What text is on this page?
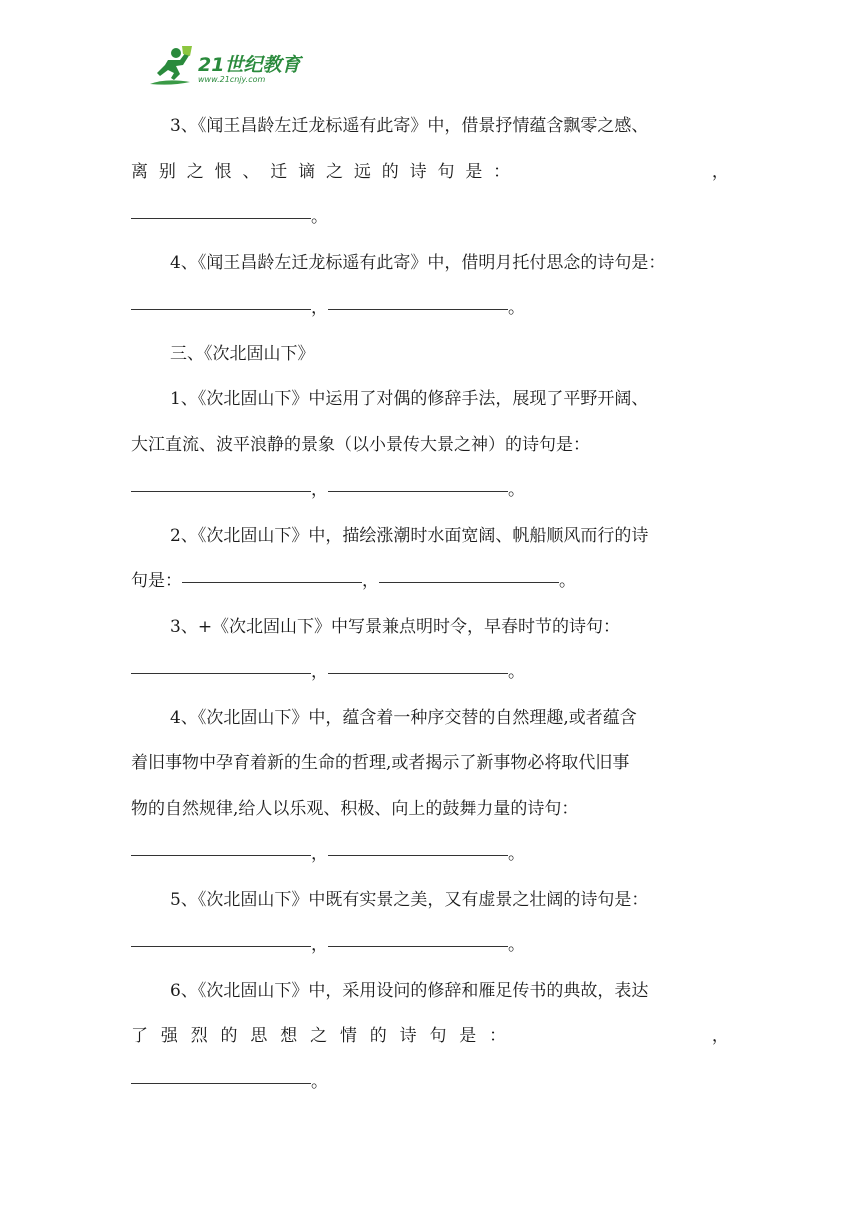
21世纪教育
www.21cnjy.com
3、《闻王昌龄左迁龙标遥有此寄》中，借景抒情蕴含飘零之感、
离 别 之 恨 、 迁 谪 之 远 的 诗 句 是 ：	，
。
4、《闻王昌龄左迁龙标遥有此寄》中，借明月托付思念的诗句是：
，	。
三、《次北固山下》
1、《次北固山下》中运用了对偶的修辞手法，展现了平野开阔、
大江直流、波平浪静的景象（以小景传大景之神）的诗句是：
，	。
2、《次北固山下》中，描绘涨潮时水面宽阔、帆船顺风而行的诗
句是：	，	。
3、+《次北固山下》中写景兼点明时令，早春时节的诗句：
，	。
4、《次北固山下》中，蕴含着一种序交替的自然理趣,或者蕴含
着旧事物中孕育着新的生命的哲理,或者揭示了新事物必将取代旧事
物的自然规律,给人以乐观、积极、向上的鼓舞力量的诗句：
，	。
5、《次北固山下》中既有实景之美，又有虚景之壮阔的诗句是：
，	。
6、《次北固山下》中，采用设问的修辞和雁足传书的典故，表达
了 强 烈 的 思 想 之 情 的 诗 句 是 ：	，
。
